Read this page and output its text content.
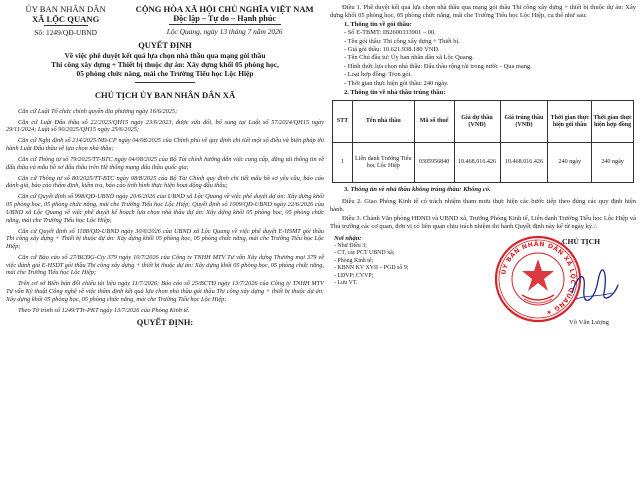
ỦY BAN NHÂN DÂN
XÃ LỘC QUANG
Số: 1249/QĐ-UBND
CỘNG HÒA XÃ HỘI CHỦ NGHĨA VIỆT NAM
Độc lập – Tự do – Hạnh phúc
Lộc Quang, ngày 13 tháng 7 năm 2026
QUYẾT ĐỊNH
Về việc phê duyệt kết quả lựa chọn nhà thầu qua mạng gói thầu
Thi công xây dựng + Thiết bị thuộc dự án: Xây dựng khối 05 phòng học,
05 phòng chức năng, mái che Trường Tiểu học Lộc Hiệp
CHỦ TỊCH ỦY BAN NHÂN DÂN XÃ

Căn cứ Luật Tổ chức chính quyền địa phương ngày 16/6/2025;

Căn cứ Luật Đấu thầu số 22/2023/QH15 ngày 23/6/2023, được sửa đổi, bổ sung tại Luật số 57/2024/QH15 ngày 29/11/2024; Luật số 90/2025/QH15 ngày 25/6/2025;

Căn cứ Nghị định số 214/2025/NĐ-CP ngày 04/08/2025 của Chính phủ về quy định chi tiết một số điều và biện pháp thi hành Luật Đấu thầu về lựa chọn nhà thầu;

Căn cứ Thông tư số 79/2025/TT-BTC ngày 04/08/2025 của Bộ Tài chính hướng dẫn việc cung cấp, đăng tải thông tin về đấu thầu và mẫu hồ sơ đấu thầu trên Hệ thống mạng đấu thầu quốc gia;

Căn cứ Thông tư số 80/2025/TT-BTC ngày 08/8/2025 của Bộ Tài Chính quy định chi tiết mẫu hồ sơ yêu cầu, báo cáo đánh giá, báo cáo thẩm định, kiểm tra, báo cáo tình hình thực hiện hoạt động đấu thầu;

Căn cứ Quyết định số 998/QĐ-UBND ngày 20/6/2026 của UBND xã Lộc Quang về việc phê duyệt dự án: Xây dựng khối 05 phòng học, 05 phòng chức năng, mái che Trường Tiểu học Lộc Hiệp; Quyết định số 1009/QĐ-UBND ngày 22/6/2026 của UBND xã Lộc Quang về việc phê duyệt kế hoạch lựa chọn nhà thầu dự án: Xây dựng khối 05 phòng học, 05 phòng chức năng, mái che Trường Tiểu học Lộc Hiệp;

Căn cứ Quyết định số 1188/QĐ-UBND ngày 30/6/2026 của UBND xã Lộc Quang về việc phê duyệt E-HSMT gói thầu Thi công xây dựng + Thiết bị thuộc dự án: Xây dựng khối 05 phòng học, 05 phòng chức năng, mái che Trường Tiểu học Lộc Hiệp;

Căn cứ Báo cáo số 27/BCĐG-Cty 379 ngày 10/7/2026 của Công ty TNHH MTV Tư vấn Xây dựng Thương mại 379 về việc đánh giá E-HSDT gói thầu Thi công xây dựng + thiết bị thuộc dự án: Xây dựng khối 05 phòng học, 05 phòng chức năng, mái che Trường Tiểu học Lộc Hiệp;

Trên cơ sở Biên bản đối chiếu tài liệu ngày 11/7/2026; Báo cáo số 25/BCTĐ ngày 13/7/2026 của Công ty TNHH MTV Tư vấn Kỹ thuật Công nghệ về việc thẩm định kết quả lựa chọn nhà thầu gói thầu Thi công xây dựng + thiết bị thuộc dự án: Xây dựng khối 05 phòng học, 05 phòng chức năng, mái che Trường Tiểu học Lộc Hiệp;

Theo Tờ trình số 1249/TTr-PKT ngày 13/7/2026 của Phòng Kinh tế.

QUYẾT ĐỊNH:

Điều 1. Phê duyệt kết quả lựa chọn nhà thầu qua mạng gói thầu Thi công xây dựng + thiết bị thuộc dự án: Xây dựng khối 05 phòng học, 05 phòng chức năng, mái che Trường Tiểu học Lộc Hiệp, cụ thể như sau:

1. Thông tin về gói thầu:
- Số E-TBMT: IB2600333901 – 00.
- Tên gói thầu: Thi công xây dựng + Thiết bị.
- Giá gói thầu: 10.621.938.180 VNĐ.
- Tên Chủ đầu tư: Ủy ban nhân dân xã Lộc Quang.
- Hình thức lựa chọn nhà thầu: Đấu thầu rộng rãi trong nước - Qua mạng.
- Loại hợp đồng: Trọn gói.
- Thời gian thực hiện gói thầu: 240 ngày.
2. Thông tin về nhà thầu trúng thầu:
STT	Tên nhà thầu	Mã số thuế	Giá dự thầu (VNĐ)	Giá trúng thầu (VNĐ)	Thời gian thực hiện gói thầu	Thời gian thực hiện hợp đồng
1	Liên danh Trường Tiểu học Lộc Hiệp	0305956840	10.468.016.426	10.468.016.426	240 ngày	240 ngày
3. Thông tin về nhà thầu không trúng thầu: Không có.

Điều 2. Giao Phòng Kinh tế có trách nhiệm tham mưu thực hiện các bước tiếp theo đúng các quy định hiện hành.

Điều 3. Chánh Văn phòng HĐND và UBND xã, Trưởng Phòng Kinh tế, Liên danh Trường Tiểu học Lộc Hiệp và Thủ trưởng các cơ quan, đơn vị có liên quan chịu trách nhiệm thi hành Quyết định này kể từ ngày ký./.

Nơi nhận:
- Như Điều 3;
- CT, các PCT UBND xã;
- Phòng Kinh tế;
- KBNN KV XVII – PGD số 9;
- LĐVP; CVVP;
- Lưu VT.
ỦY BAN NHÂN DÂN XÃ LỘC QUANG ★
CHỦ TỊCH
Võ Văn Lượng
